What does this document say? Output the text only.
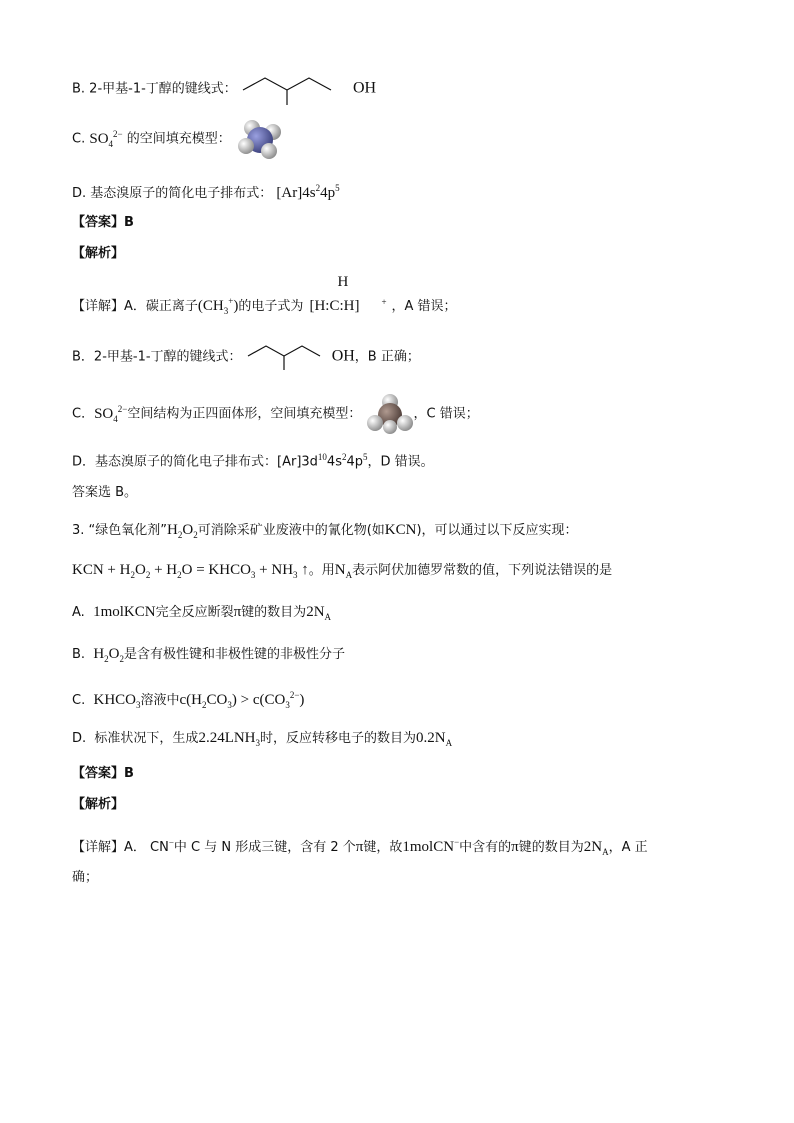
B. 2-甲基-1-丁醇的键线式：	OH
C. $SO_4^{2-}$ 的空间填充模型：
D. 基态溴原子的简化电子排布式： $[Ar]4s^24p^5$
【答案】B
【解析】
【详解】A．碳正离子$(CH_3^+)$的电子式为
H
[H:C:H] + ，A 错误；
B．2-甲基-1-丁醇的键线式：	OH，B 正确；
C．$SO_4^{2-}$空间结构为正四面体形，空间填充模型：	，C 错误；
D．基态溴原子的简化电子排布式：$[Ar]3d^{10}4s^24p^5$，D 错误。
答案选 B。
3. “绿色氧化剂$”H_2O_2$可消除采矿业废液中的氰化物(如KCN)，可以通过以下反应实现：
KCN + $H_2O_2 + H_2O$ = $KHCO_3 + NH_3$ ↑。用$N_A$表示阿伏加德罗常数的值，下列说法错误的是
A. 1molKCN完全反应断裂π键的数目为$2N_A$
B. $H_2O_2$是含有极性键和非极性键的非极性分子
C. $KHCO_3$溶液中$c(H_2CO_3) > c(CO_3^{2-})$
D. 标准状况下，生成$2.24LNH_3$时，反应转移电子的数目为$0.2N_A$
【答案】B
【解析】
【详解】A． CN−中 C 与 N 形成三键，含有 2 个π键，故1molCN−中含有的π键的数目为$2N_A$，A 正
确；
